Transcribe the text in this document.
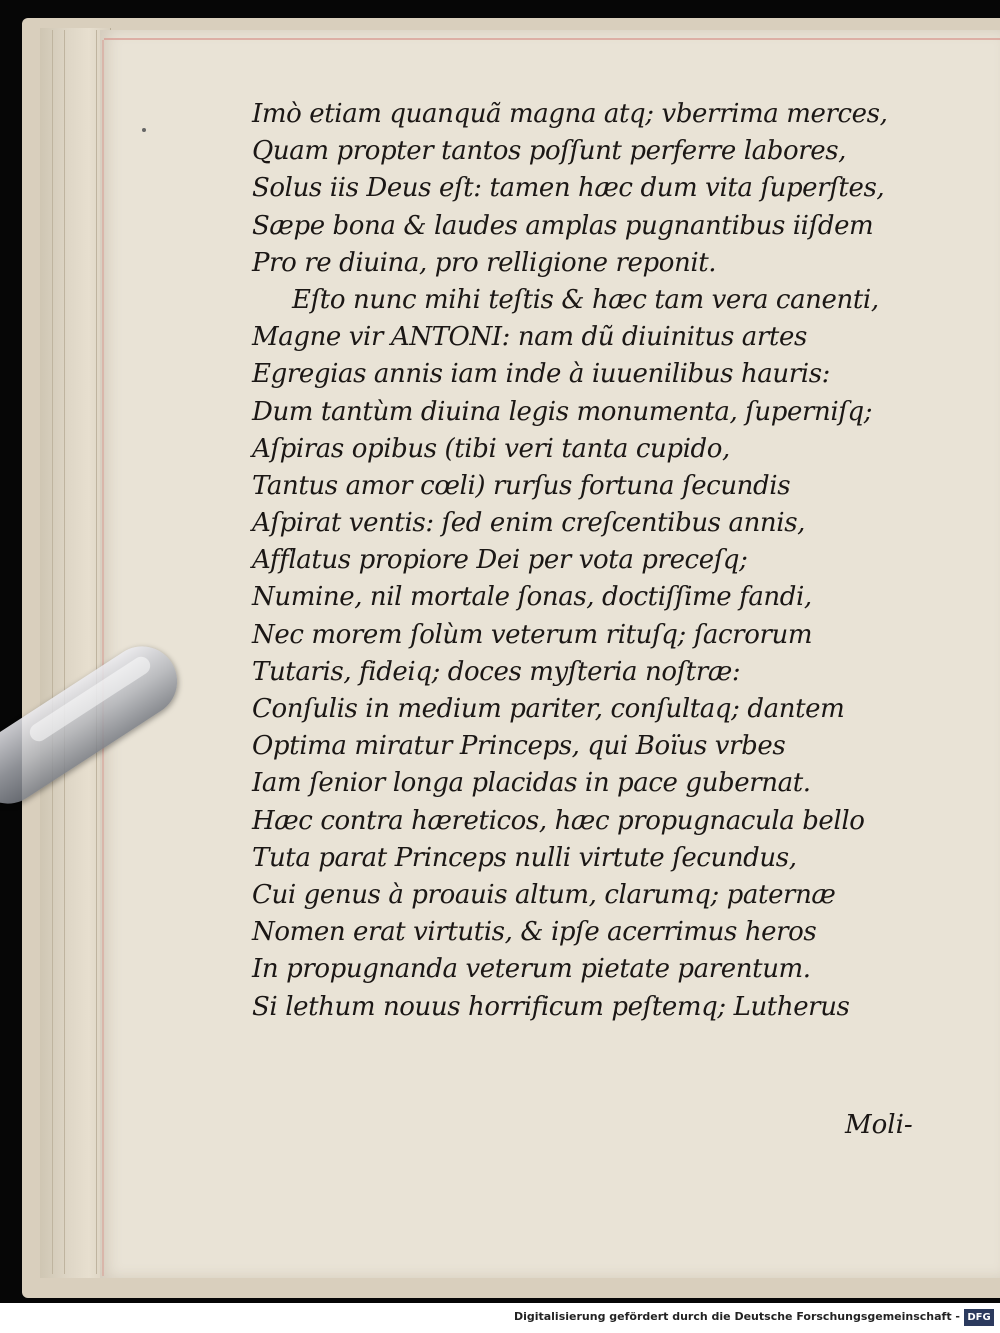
Imò etiam quanquã magna atq; vberrima merces,
Quam propter tantos poſſunt perferre labores,
Solus iis Deus eſt: tamen hæc dum vita ſuperſtes,
Sæpe bona & laudes amplas pugnantibus iiſdem
Pro re diuina, pro relligione reponit.
Eſto nunc mihi teſtis & hæc tam vera canenti,
Magne vir ANTONI: nam dũ diuinitus artes
Egregias annis iam inde à iuuenilibus hauris:
Dum tantùm diuina legis monumenta, ſuperniſq;
Aſpiras opibus (tibi veri tanta cupido,
Tantus amor cœli) rurſus fortuna ſecundis
Aſpirat ventis: ſed enim creſcentibus annis,
Afflatus propiore Dei per vota preceſq;
Numine, nil mortale ſonas, doctiſſime fandi,
Nec morem ſolùm veterum rituſq; ſacrorum
Tutaris, fideiq; doces myſteria noſtræ:
Conſulis in medium pariter, conſultaq; dantem
Optima miratur Princeps, qui Boïus vrbes
Iam ſenior longa placidas in pace gubernat.
Hæc contra hæreticos, hæc propugnacula bello
Tuta parat Princeps nulli virtute ſecundus,
Cui genus à proauis altum, clarumq; paternæ
Nomen erat virtutis, & ipſe acerrimus heros
In propugnanda veterum pietate parentum.
Si lethum nouus horrificum peſtemq; Lutherus
Moli-
Digitalisierung gefördert durch die Deutsche Forschungsgemeinschaft - DFG
